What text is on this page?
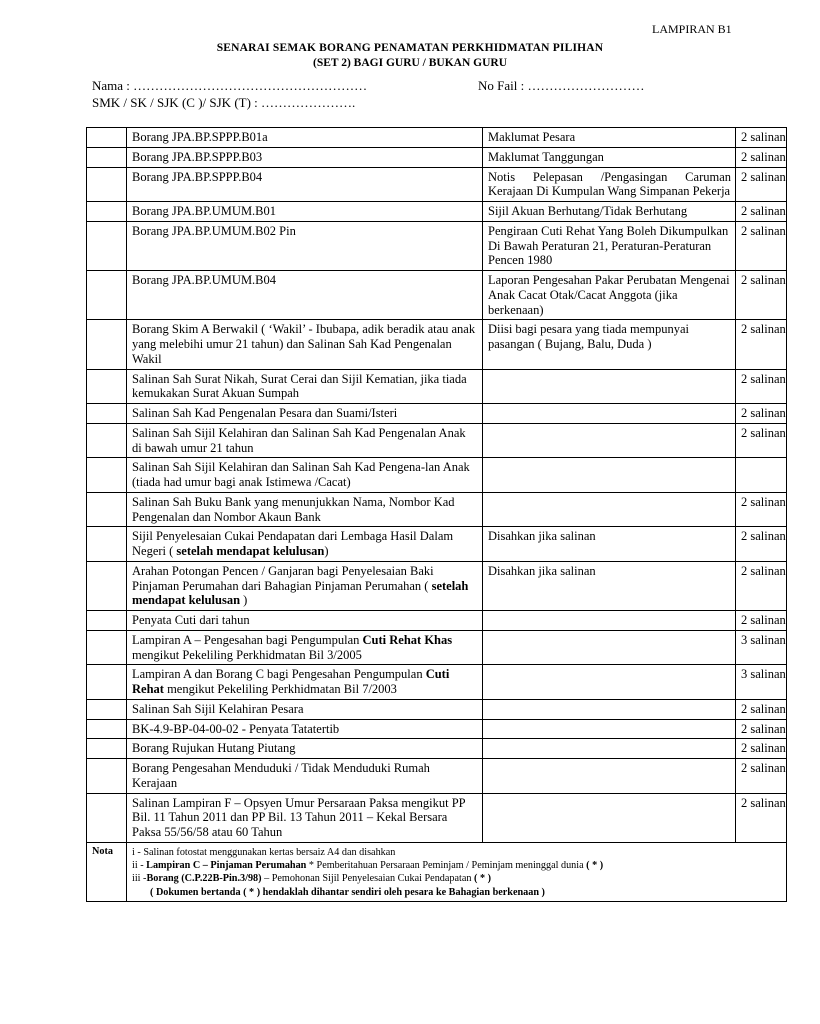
LAMPIRAN B1
SENARAI SEMAK BORANG PENAMATAN PERKHIDMATAN PILIHAN
(SET 2) BAGI GURU / BUKAN GURU
Nama : ………………………………………………	No Fail : ………………………
SMK / SK / SJK (C )/ SJK (T) : ………………….
	Borang JPA.BP.SPPP.B01a	Maklumat Pesara	2 salinan
	Borang JPA.BP.SPPP.B03	Maklumat Tanggungan	2 salinan
	Borang JPA.BP.SPPP.B04	Notis Pelepasan /Pengasingan Caruman Kerajaan Di Kumpulan Wang Simpanan Pekerja	2 salinan
	Borang JPA.BP.UMUM.B01	Sijil Akuan Berhutang/Tidak Berhutang	2 salinan
	Borang JPA.BP.UMUM.B02 Pin	Pengiraan Cuti Rehat Yang Boleh Dikumpulkan Di Bawah Peraturan 21, Peraturan-Peraturan Pencen 1980	2 salinan
	Borang JPA.BP.UMUM.B04	Laporan Pengesahan Pakar Perubatan Mengenai Anak Cacat Otak/Cacat Anggota (jika berkenaan)	2 salinan
	Borang Skim A Berwakil ( ‘Wakil’ - Ibubapa, adik beradik atau anak yang melebihi umur 21 tahun) dan Salinan Sah Kad Pengenalan Wakil	Diisi bagi pesara yang tiada mempunyai pasangan ( Bujang, Balu, Duda )	2 salinan
	Salinan Sah Surat Nikah, Surat Cerai dan Sijil Kematian, jika tiada kemukakan Surat Akuan Sumpah		2 salinan
	Salinan Sah Kad Pengenalan Pesara dan Suami/Isteri		2 salinan
	Salinan Sah Sijil Kelahiran dan Salinan Sah Kad Pengenalan Anak di bawah umur 21 tahun		2 salinan
	Salinan Sah Sijil Kelahiran dan Salinan Sah Kad Pengena-lan Anak (tiada had umur bagi anak Istimewa /Cacat)		
	Salinan Sah Buku Bank yang menunjukkan Nama, Nombor Kad Pengenalan dan Nombor Akaun Bank		2 salinan
	Sijil Penyelesaian Cukai Pendapatan dari Lembaga Hasil Dalam Negeri ( setelah mendapat kelulusan)	Disahkan jika salinan	2 salinan
	Arahan Potongan Pencen / Ganjaran bagi Penyelesaian Baki Pinjaman Perumahan dari Bahagian Pinjaman Perumahan ( setelah mendapat kelulusan )	Disahkan jika salinan	2 salinan
	Penyata Cuti dari tahun		2 salinan
	Lampiran A – Pengesahan bagi Pengumpulan Cuti Rehat Khas mengikut Pekeliling Perkhidmatan Bil 3/2005		3 salinan
	Lampiran A dan Borang C bagi Pengesahan Pengumpulan Cuti Rehat mengikut Pekeliling Perkhidmatan Bil 7/2003		3 salinan
	Salinan Sah Sijil Kelahiran Pesara		2 salinan
	BK-4.9-BP-04-00-02 - Penyata Tatatertib		2 salinan
	Borang Rujukan Hutang Piutang		2 salinan
	Borang Pengesahan Menduduki / Tidak Menduduki Rumah Kerajaan		2 salinan
	Salinan Lampiran F – Opsyen Umur Persaraan Paksa mengikut PP Bil. 11 Tahun 2011 dan PP Bil. 13 Tahun 2011 – Kekal Bersara Paksa 55/56/58 atau 60 Tahun		2 salinan
Nota	i - Salinan fotostat menggunakan kertas bersaiz A4 dan disahkan
ii - Lampiran C – Pinjaman Perumahan * Pemberitahuan Persaraan Peminjam / Peminjam meninggal dunia ( * )
iii -Borang (C.P.22B-Pin.3/98) – Pemohonan Sijil Penyelesaian Cukai Pendapatan ( * )
( Dokumen bertanda ( * ) hendaklah dihantar sendiri oleh pesara ke Bahagian berkenaan )		
